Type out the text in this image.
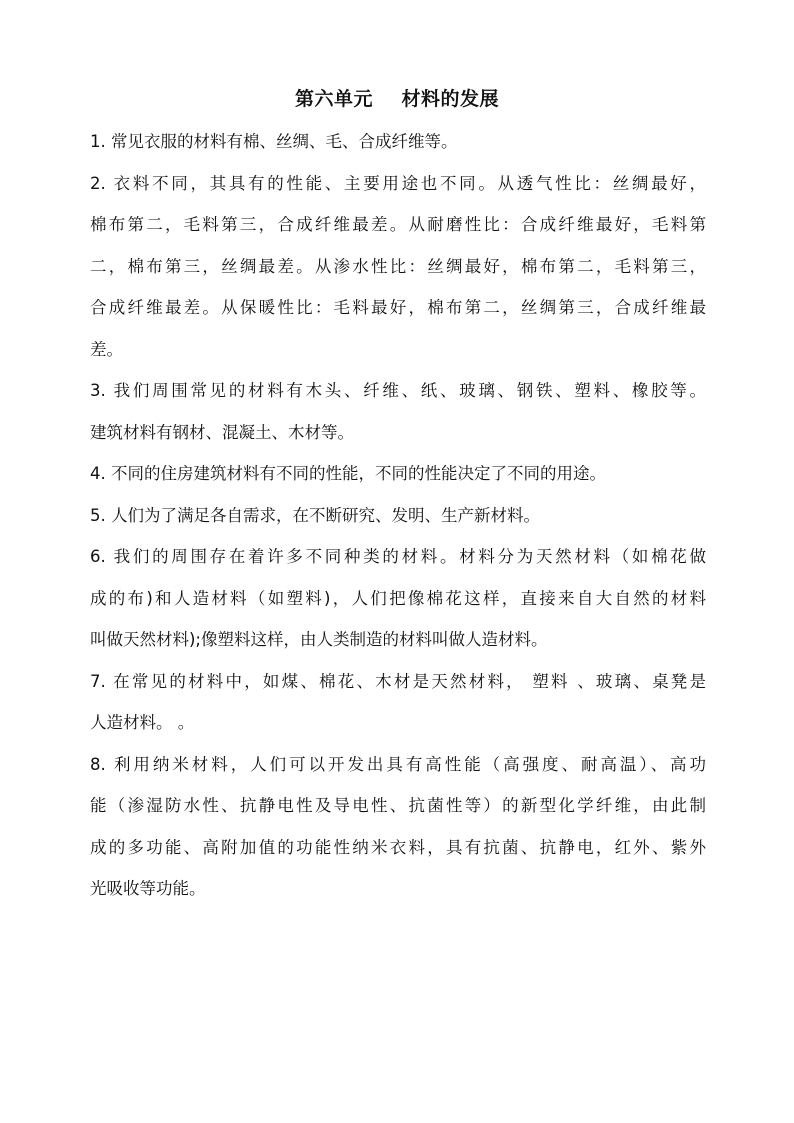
第六单元    材料的发展
1. 常见衣服的材料有棉、丝绸、毛、合成纤维等。
2. 衣料不同，其具有的性能、主要用途也不同。从透气性比：丝绸最好，
棉布第二，毛料第三，合成纤维最差。从耐磨性比：合成纤维最好，毛料第
二，棉布第三，丝绸最差。从渗水性比：丝绸最好，棉布第二，毛料第三，
合成纤维最差。从保暖性比：毛料最好，棉布第二，丝绸第三，合成纤维最
差。
3. 我们周围常见的材料有木头、纤维、纸、玻璃、钢铁、塑料、橡胶等。
建筑材料有钢材、混凝土、木材等。
4. 不同的住房建筑材料有不同的性能，不同的性能决定了不同的用途。
5. 人们为了满足各自需求，在不断研究、发明、生产新材料。
6. 我们的周围存在着许多不同种类的材料。材料分为天然材料（如棉花做
成的布)和人造材料（如塑料)，人们把像棉花这样，直接来自大自然的材料
叫做天然材料);像塑料这样，由人类制造的材料叫做人造材料。
7. 在常见的材料中，如煤、棉花、木材是天然材料， 塑料 、玻璃、桌凳是
人造材料。 。
8. 利用纳米材料，人们可以开发出具有高性能（高强度、耐高温）、高功
能（渗湿防水性、抗静电性及导电性、抗菌性等）的新型化学纤维，由此制
成的多功能、高附加值的功能性纳米衣料，具有抗菌、抗静电，红外、紫外
光吸收等功能。
